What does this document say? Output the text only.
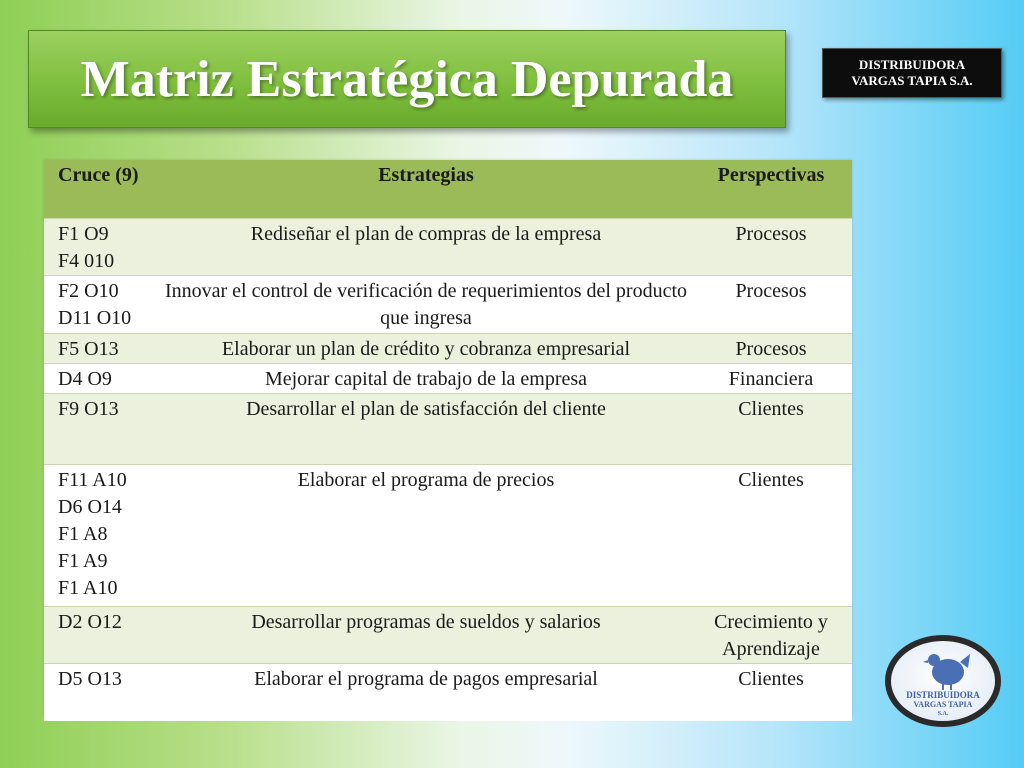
Matriz Estratégica Depurada	DISTRIBUIDORA
VARGAS TAPIA S.A.
Cruce (9)	Estrategias	Perspectivas

F1 O9
F4 010	Rediseñar el plan de compras de la empresa	Procesos

F2 O10
D11 O10	Innovar el control de verificación de requerimientos del producto que ingresa	Procesos

F5 O13	Elaborar un plan de crédito y cobranza empresarial	Procesos

D4 O9	Mejorar capital de trabajo de la empresa	Financiera

F9 O13	Desarrollar el plan de satisfacción del cliente	Clientes

F11 A10
D6 O14
F1 A8
F1 A9
F1 A10	Elaborar el programa de precios	Clientes

D2 O12	Desarrollar programas de sueldos y salarios	Crecimiento y Aprendizaje

D5 O13	Elaborar el programa de pagos empresarial	Clientes
DISTRIBUIDORA
VARGAS TAPIA
S.A.
